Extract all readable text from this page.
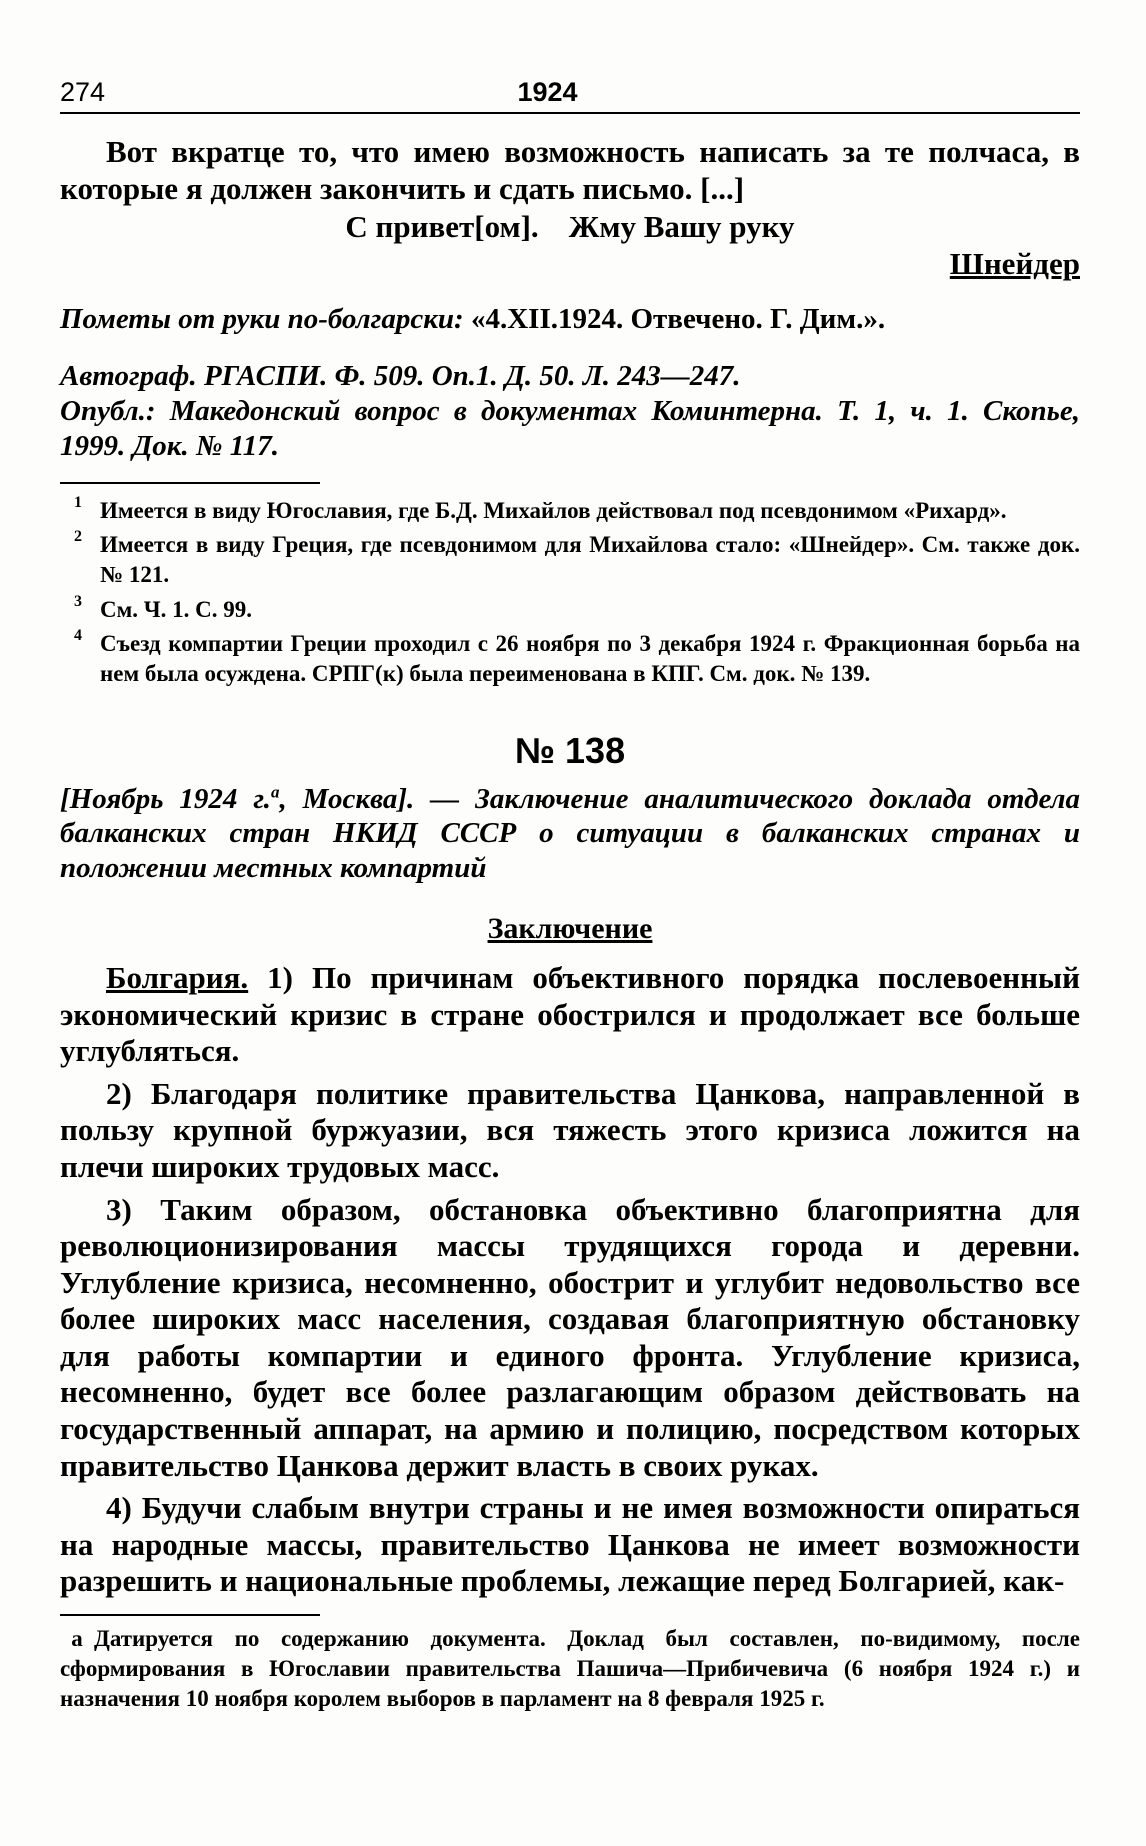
274	1924

Вот вкратце то, что имею возможность написать за те полчаса, в которые я должен закончить и сдать письмо. [...]

С привет[ом]. Жму Вашу руку

Шнейдер

Пометы от руки по-болгарски: «4.XII.1924. Отвечено. Г. Дим.».

Автограф. РГАСПИ. Ф. 509. Оп.1. Д. 50. Л. 243—247.

Опубл.: Македонский вопрос в документах Коминтерна. Т. 1, ч. 1. Скопье, 1999. Док. № 117.

1 Имеется в виду Югославия, где Б.Д. Михайлов действовал под псевдонимом «Рихард».
2 Имеется в виду Греция, где псевдонимом для Михайлова стало: «Шнейдер». См. также док. № 121.
3 См. Ч. 1. С. 99.
4 Съезд компартии Греции проходил с 26 ноября по 3 декабря 1924 г. Фракционная борьба на нем была осуждена. СРПГ(к) была переименована в КПГ. См. док. № 139.
№ 138

[Ноябрь 1924 г.$^а$, Москва]. — Заключение аналитического доклада отдела балканских стран НКИД СССР о ситуации в балканских странах и положении местных компартий

Заключение

Болгария. 1) По причинам объективного порядка послевоенный экономический кризис в стране обострился и продолжает все больше углубляться.

2) Благодаря политике правительства Цанкова, направленной в пользу крупной буржуазии, вся тяжесть этого кризиса ложится на плечи широких трудовых масс.

3) Таким образом, обстановка объективно благоприятна для революционизирования массы трудящихся города и деревни. Углубление кризиса, несомненно, обострит и углубит недовольство все более широких масс населения, создавая благоприятную обстановку для работы компартии и единого фронта. Углубление кризиса, несомненно, будет все более разлагающим образом действовать на государственный аппарат, на армию и полицию, посредством которых правительство Цанкова держит власть в своих руках.

4) Будучи слабым внутри страны и не имея возможности опираться на народные массы, правительство Цанкова не имеет возможности разрешить и национальные проблемы, лежащие перед Болгарией, как-

а Датируется по содержанию документа. Доклад был составлен, по-видимому, после сформирования в Югославии правительства Пашича—Прибичевича (6 ноября 1924 г.) и назначения 10 ноября королем выборов в парламент на 8 февраля 1925 г.
